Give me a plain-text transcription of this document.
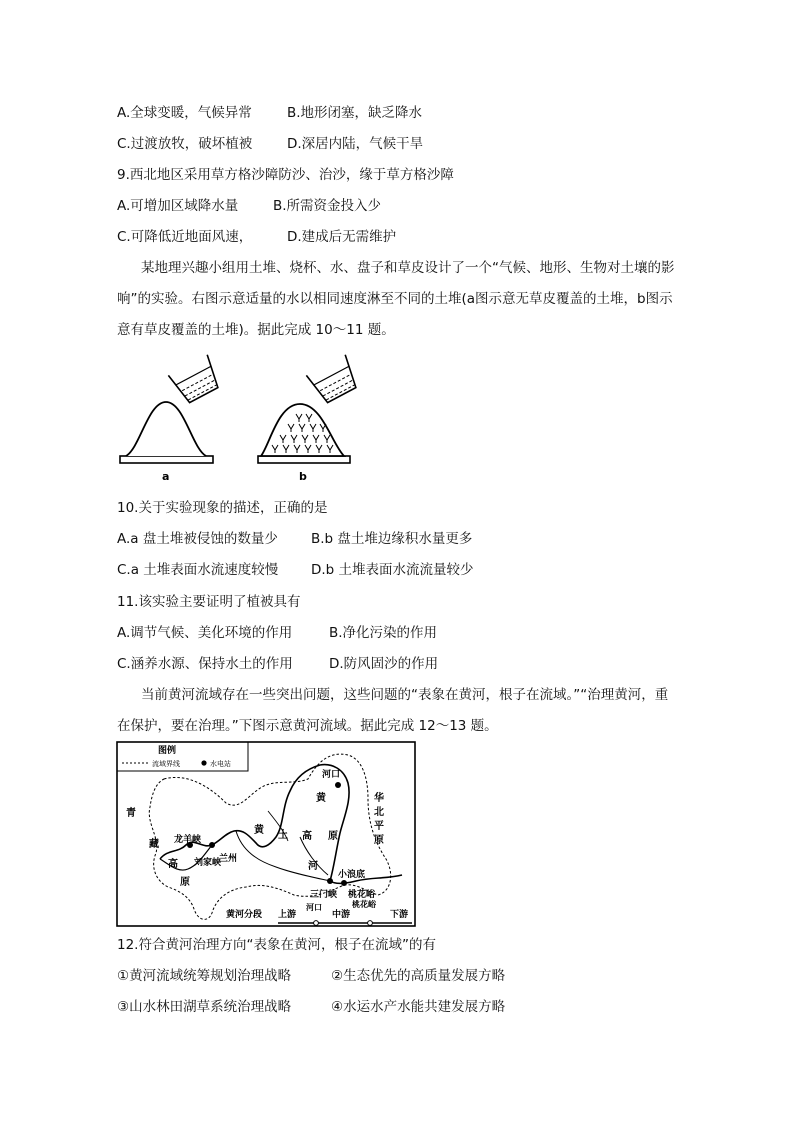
A.全球变暖，气候异常	B.地形闭塞，缺乏降水
C.过渡放牧，破坏植被	D.深居内陆，气候干旱
9.西北地区采用草方格沙障防沙、治沙，缘于草方格沙障
A.可增加区域降水量	B.所需资金投入少
C.可降低近地面风速，	D.建成后无需维护
某地理兴趣小组用土堆、烧杯、水、盘子和草皮设计了一个“气候、地形、生物对土壤的影响”的实验。右图示意适量的水以相同速度淋至不同的土堆(a图示意无草皮覆盖的土堆，b图示意有草皮覆盖的土堆)。据此完成 10～11 题。
a	b
10.关于实验现象的描述，正确的是
A.a 盘土堆被侵蚀的数量少 B.b 盘土堆边缘积水量更多
C.a 土堆表面水流速度较慢 D.b 土堆表面水流流量较少
11.该实验主要证明了植被具有
A.调节气候、美化环境的作用	B.净化污染的作用
C.涵养水源、保持水土的作用	D.防风固沙的作用
当前黄河流域存在一些突出问题，这些问题的“表象在黄河，根子在流域。”“治理黄河，重在保护，要在治理。”下图示意黄河流域。据此完成 12～13 题。
图例
流域界线	水电站
青
藏
高
原
龙羊峡
刘家峡
兰州
黄 土 高 原
河口
黄
河
华
北
平
原
小浪底
三门峡 桃花峪
黄河分段 上游
河口
中游
桃花峪
下游
12.符合黄河治理方向“表象在黄河，根子在流域”的有
①黄河流域统筹规划治理战略	②生态优先的高质量发展方略
③山水林田湖草系统治理战略	④水运水产水能共建发展方略
